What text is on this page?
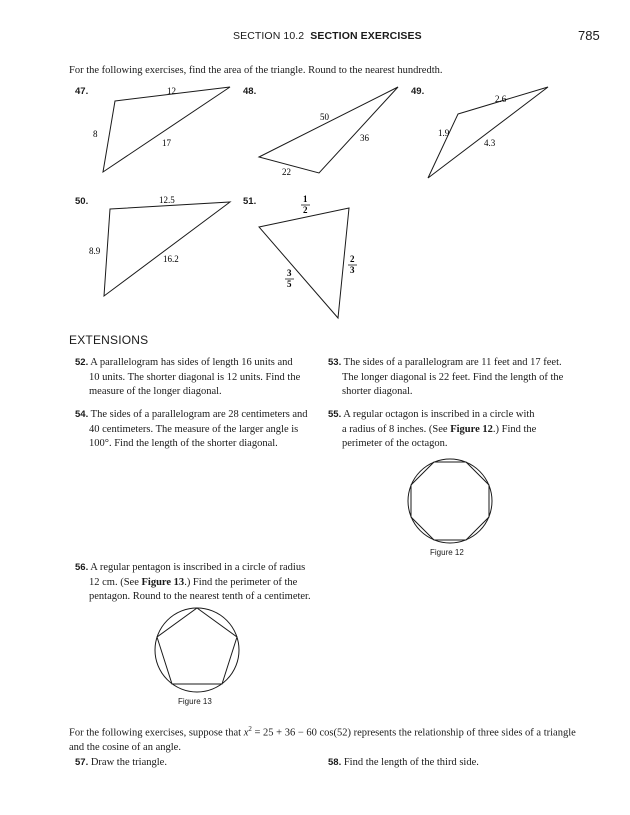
SECTION 10.2 SECTION EXERCISES	785
For the following exercises, find the area of the triangle. Round to the nearest hundredth.
47.	48.	49.
50.	51.
12
8
17
50
36
22
2.6
1.9
4.3
12.5
8.9
16.2
1
2
2
3
3
5
EXTENSIONS
52. A parallelogram has sides of length 16 units and
10 units. The shorter diagonal is 12 units. Find the
measure of the longer diagonal.
53. The sides of a parallelogram are 11 feet and 17 feet.
The longer diagonal is 22 feet. Find the length of the
shorter diagonal.
54. The sides of a parallelogram are 28 centimeters and
40 centimeters. The measure of the larger angle is
100°. Find the length of the shorter diagonal.
55. A regular octagon is inscribed in a circle with
a radius of 8 inches. (See Figure 12.) Find the
perimeter of the octagon.
Figure 12
56. A regular pentagon is inscribed in a circle of radius
12 cm. (See Figure 13.) Find the perimeter of the
pentagon. Round to the nearest tenth of a centimeter.
Figure 13
For the following exercises, suppose that $x^2 = 25 + 36 - 60$ cos(52) represents the relationship of three sides of a triangle
and the cosine of an angle.
57. Draw the triangle.	58. Find the length of the third side.
